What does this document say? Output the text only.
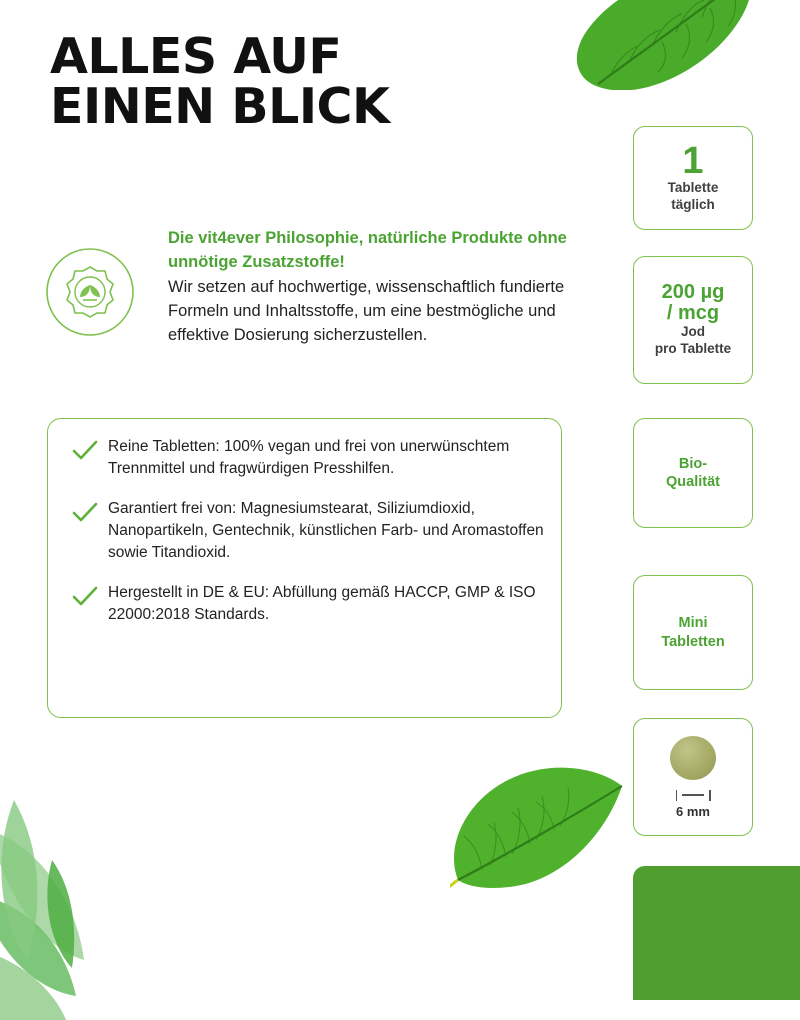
ALLES AUF
EINEN BLICK
Die vit4ever Philosophie, natürliche Produkte ohne unnötige Zusatzstoffe!
Wir setzen auf hochwertige, wissenschaftlich fundierte Formeln und Inhaltsstoffe, um eine bestmögliche und effektive Dosierung sicherzustellen.
Reine Tabletten: 100% vegan und frei von unerwünschtem Trennmittel und fragwürdigen Presshilfen.
Garantiert frei von: Magnesiumstearat, Siliziumdioxid, Nanopartikeln, Gentechnik, künstlichen Farb- und Aromastoffen sowie Titandioxid.
Hergestellt in DE & EU: Abfüllung gemäß HACCP, GMP & ISO 22000:2018 Standards.
1
Tablette
täglich
200 µg
/ mcg
Jod
pro Tablette
Bio-
Qualität
Mini
Tabletten
6 mm
